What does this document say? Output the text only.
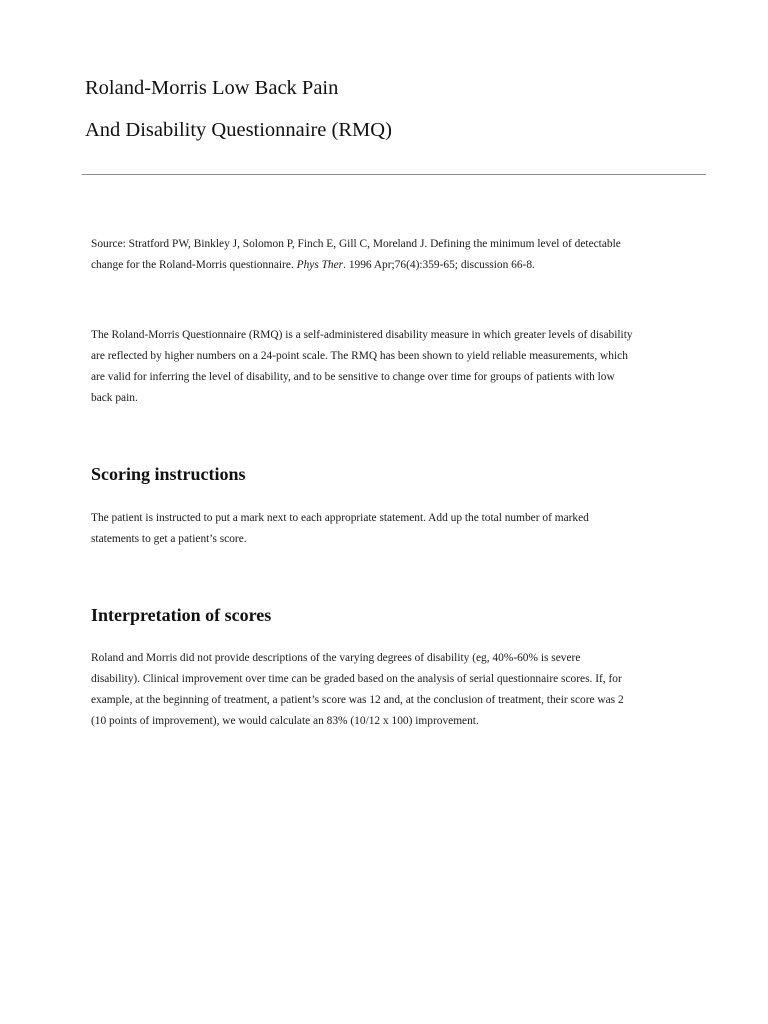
Roland-Morris Low Back Pain
And Disability Questionnaire (RMQ)

Source: Stratford PW, Binkley J, Solomon P, Finch E, Gill C, Moreland J. Defining the minimum level of detectable
change for the Roland-Morris questionnaire. Phys Ther. 1996 Apr;76(4):359-65; discussion 66-8.

The Roland-Morris Questionnaire (RMQ) is a self-administered disability measure in which greater levels of disability
are reflected by higher numbers on a 24-point scale. The RMQ has been shown to yield reliable measurements, which
are valid for inferring the level of disability, and to be sensitive to change over time for groups of patients with low
back pain.

Scoring instructions

The patient is instructed to put a mark next to each appropriate statement. Add up the total number of marked
statements to get a patient’s score.

Interpretation of scores

Roland and Morris did not provide descriptions of the varying degrees of disability (eg, 40%-60% is severe
disability). Clinical improvement over time can be graded based on the analysis of serial questionnaire scores. If, for
example, at the beginning of treatment, a patient’s score was 12 and, at the conclusion of treatment, their score was 2
(10 points of improvement), we would calculate an 83% (10/12 x 100) improvement.
